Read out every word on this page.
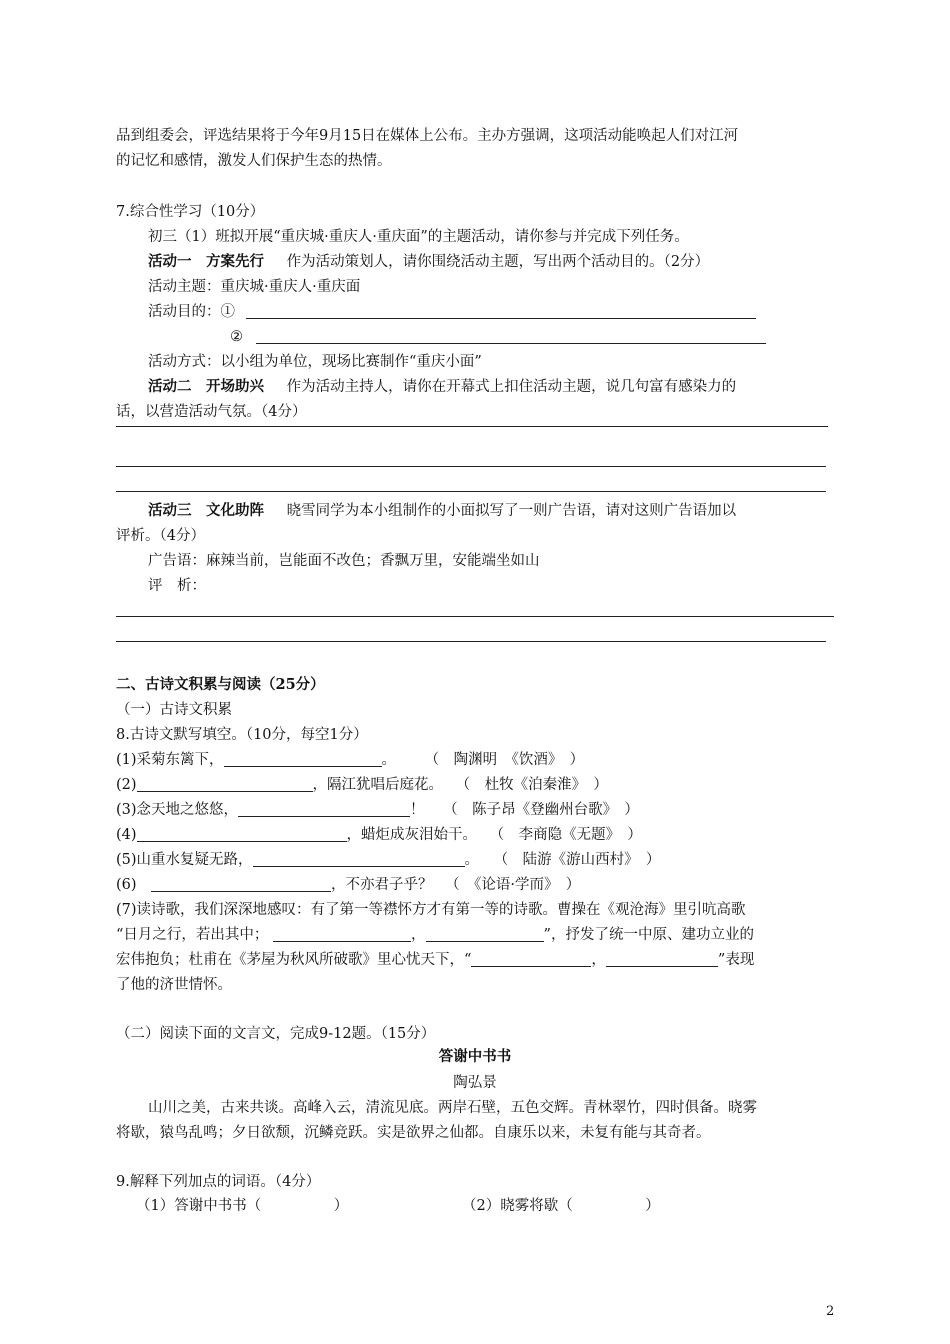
品到组委会，评选结果将于今年9月15日在媒体上公布。主办方强调，这项活动能唤起人们对江河
的记忆和感情，激发人们保护生态的热情。
7.综合性学习（10分）
初三（1）班拟开展“重庆城·重庆人·重庆面”的主题活动，请你参与并完成下列任务。
活动一　方案先行 作为活动策划人，请你围绕活动主题，写出两个活动目的。（2分）
活动主题：重庆城·重庆人·重庆面
活动目的：①
②
活动方式：以小组为单位，现场比赛制作“重庆小面”
活动二　开场助兴 作为活动主持人，请你在开幕式上扣住活动主题，说几句富有感染力的
话，以营造活动气氛。（4分）
活动三　文化助阵 晓雪同学为本小组制作的小面拟写了一则广告语，请对这则广告语加以
评析。（4分）
广告语：麻辣当前，岂能面不改色；香飘万里，安能端坐如山
评　析：
二、古诗文积累与阅读（25分）
（一）古诗文积累
8.古诗文默写填空。（10分，每空1分）
(1)采菊东篱下，	。 （　陶渊明　《饮酒》　）
(2)	，隔江犹唱后庭花。 （　杜牧《泊秦淮》　）
(3)念天地之悠悠，	！ （　陈子昂《登幽州台歌》　）
(4)	，蜡炬成灰泪始干。 （　李商隐《无题》　）
(5)山重水复疑无路，	。 （　陆游《游山西村》　）
(6)　	，不亦君子乎？ （　《论语·学而》　）
(7)读诗歌，我们深深地感叹：有了第一等襟怀方才有第一等的诗歌。曹操在《观沧海》里引吭高歌
“日月之行，若出其中；	，	”，抒发了统一中原、建功立业的
宏伟抱负；杜甫在《茅屋为秋风所破歌》里心忧天下，“	，	”表现
了他的济世情怀。
（二）阅读下面的文言文，完成9-12题。（15分）
答谢中书书
陶弘景
山川之美，古来共谈。高峰入云，清流见底。两岸石壁，五色交辉。青林翠竹，四时俱备。晓雾
将歇，猿鸟乱鸣；夕日欲颓，沉鳞竞跃。实是欲界之仙都。自康乐以来，未复有能与其奇者。
9.解释下列加点的词语。（4分）
（1）答谢中书书（　　　　　）	（2）晓雾将歇（　　　　　）
2
